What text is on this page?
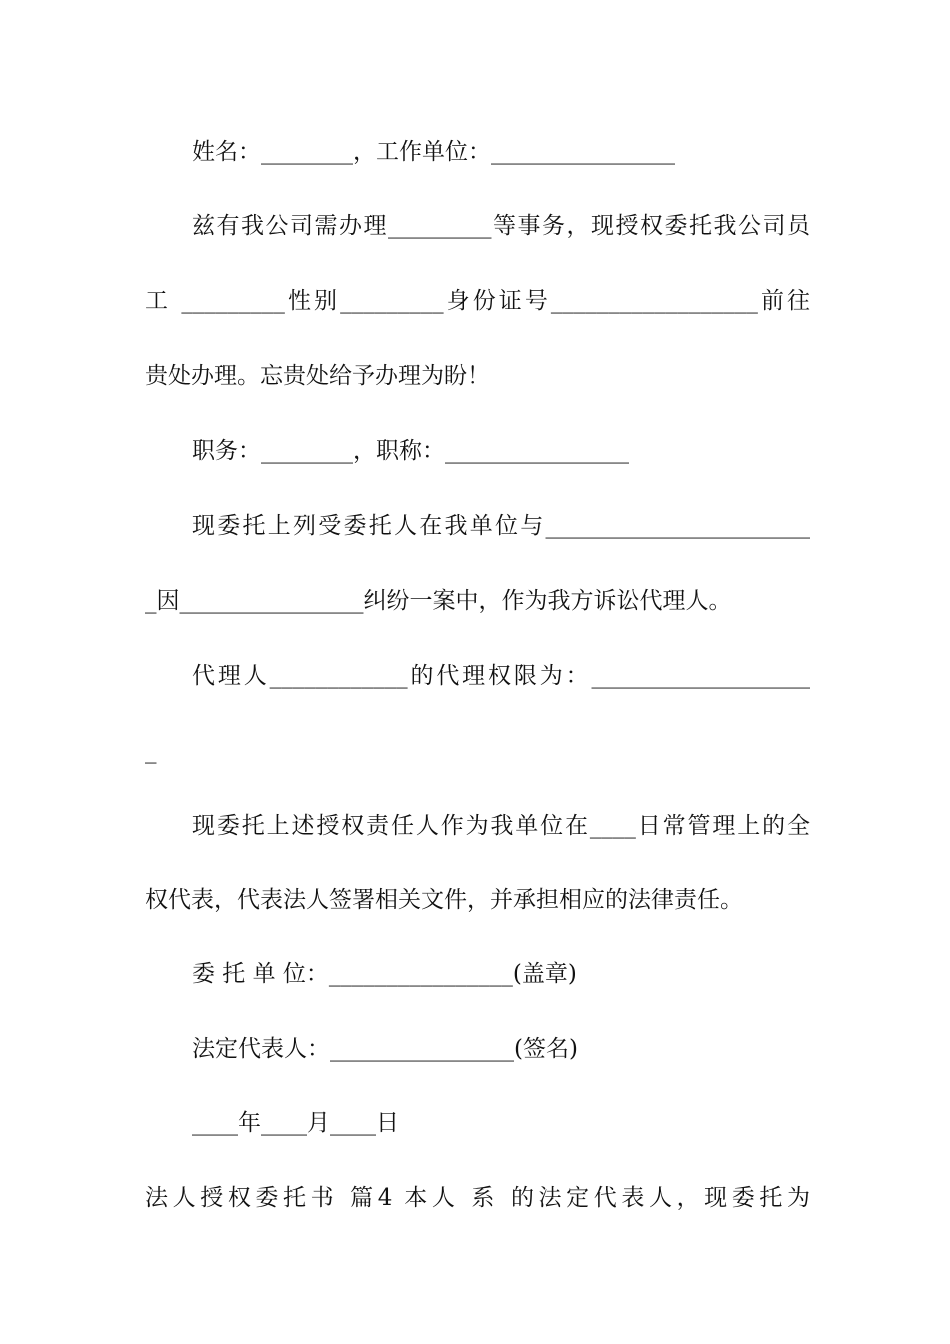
姓名：________，工作单位：________________
兹有我公司需办理_________等事务，现授权委托我公司员
工 _________性别_________身份证号__________________前往
贵处办理。忘贵处给予办理为盼！
职务：________，职称：________________
现委托上列受委托人在我单位与_______________________
_因________________纠纷一案中，作为我方诉讼代理人。
代理人____________的代理权限为：___________________
_
现委托上述授权责任人作为我单位在____日常管理上的全
权代表，代表法人签署相关文件，并承担相应的法律责任。
委 托 单 位：________________(盖章)
法定代表人：________________(签名)
____年____月____日
法人授权委托书 篇4 本人 系 的法定代表人，现委托为
